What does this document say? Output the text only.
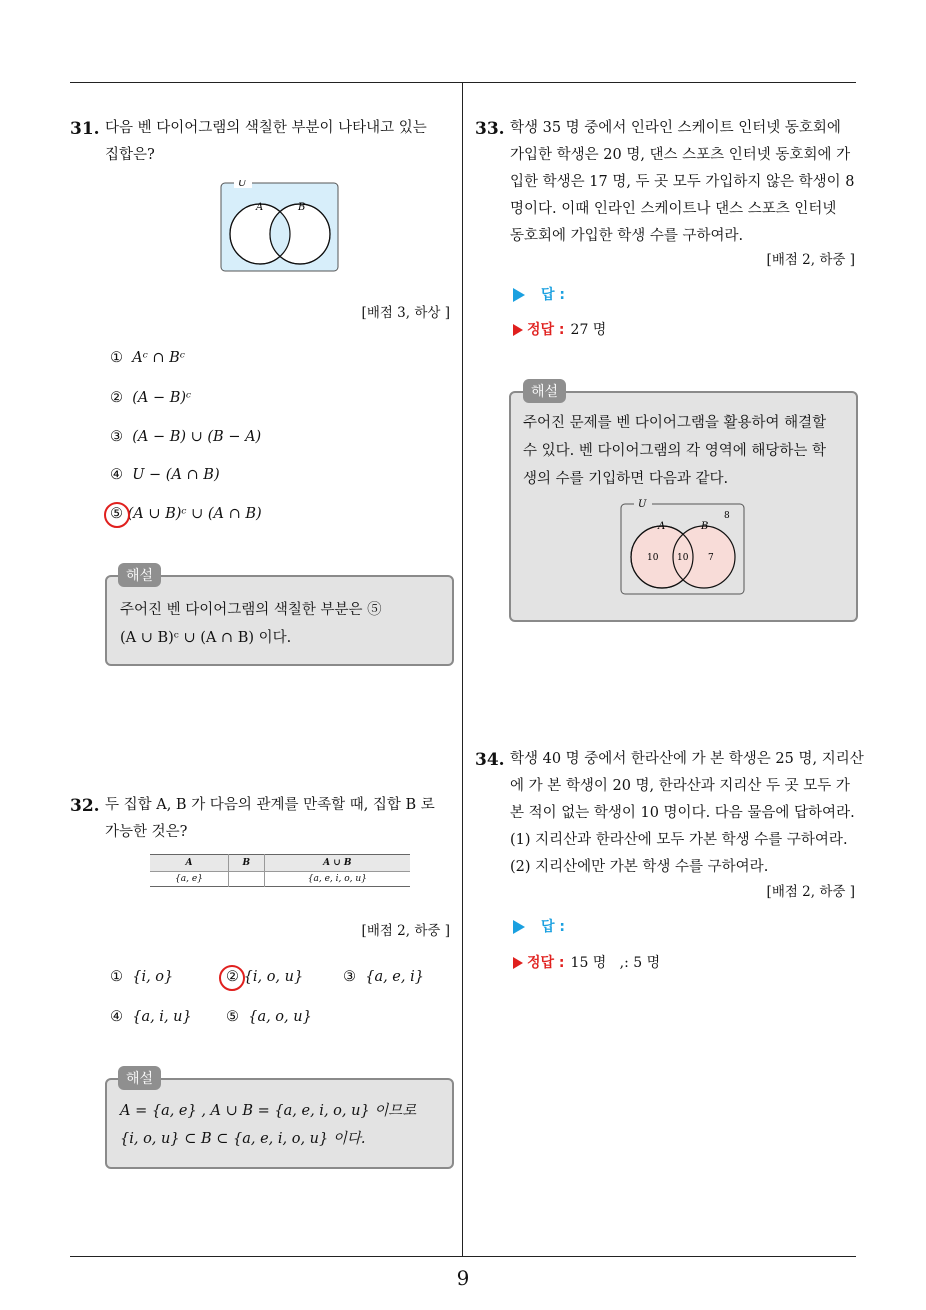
9
31. 다음 벤 다이어그램의 색칠한 부분이 나타내고 있는
집합은?
U
A	B
[배점 3, 하상 ]
① Aᶜ ∩ Bᶜ
② (A − B)ᶜ
③ (A − B) ∪ (B − A)
④ U − (A ∩ B)
⑤ (A ∪ B)ᶜ ∪ (A ∩ B)
해설
주어진 벤 다이어그램의 색칠한 부분은 ⑤
(A ∪ B)ᶜ ∪ (A ∩ B) 이다.
32. 두 집합 A, B 가 다음의 관계를 만족할 때, 집합 B 로
가능한 것은?
A	B	A ∪ B
{a, e}		{a, e, i, o, u}
[배점 2, 하중 ]
① {i, o}	② {i, o, u}	③ {a, e, i}
④ {a, i, u} ⑤ {a, o, u}
해설
A = {a, e} , A ∪ B = {a, e, i, o, u} 이므로
{i, o, u} ⊂ B ⊂ {a, e, i, o, u} 이다.
33. 학생 35 명 중에서 인라인 스케이트 인터넷 동호회에
가입한 학생은 20 명, 댄스 스포츠 인터넷 동호회에 가
입한 학생은 17 명, 두 곳 모두 가입하지 않은 학생이 8
명이다. 이때 인라인 스케이트나 댄스 스포츠 인터넷
동호회에 가입한 학생 수를 구하여라.
[배점 2, 하중 ]
답 :
정답 : 27 명
해설
주어진 문제를 벤 다이어그램을 활용하여 해결할
수 있다. 벤 다이어그램의 각 영역에 해당하는 학
생의 수를 기입하면 다음과 같다.
U
A	B
8
10 10 7
34. 학생 40 명 중에서 한라산에 가 본 학생은 25 명, 지리산
에 가 본 학생이 20 명, 한라산과 지리산 두 곳 모두 가
본 적이 없는 학생이 10 명이다. 다음 물음에 답하여라.
(1) 지리산과 한라산에 모두 가본 학생 수를 구하여라.
(2) 지리산에만 가본 학생 수를 구하여라.
[배점 2, 하중 ]
답 :
정답 : 15 명   ,: 5 명
